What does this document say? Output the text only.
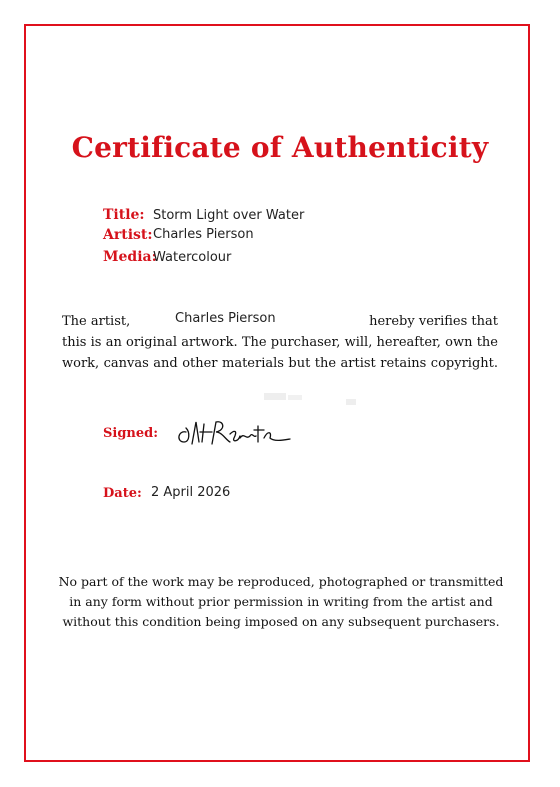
Certificate of Authenticity
Title: Storm Light over Water
Artist: Charles Pierson
Media:
Watercolour
The artist,	Charles Pierson	hereby verifies that
this is an original artwork. The purchaser, will, hereafter, own the
work, canvas and other materials but the artist retains copyright.
Signed:
Date: 2 April 2026
No part of the work may be reproduced, photographed or transmitted
in any form without prior permission in writing from the artist and
without this condition being imposed on any subsequent purchasers.
